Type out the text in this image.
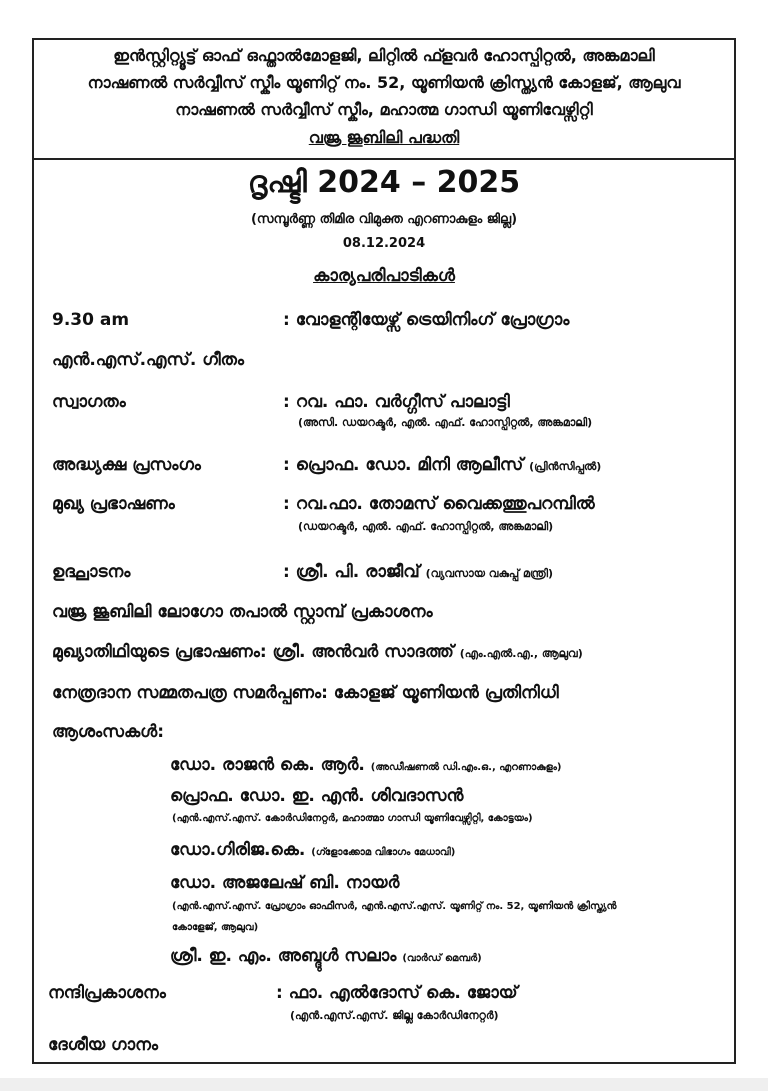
ഇൻസ്റ്റിറ്റ്യൂട്ട് ഓഫ് ഒഫ്താൽമോളജി, ലിറ്റിൽ ഫ്ളവർ ഹോസ്പിറ്റൽ, അങ്കമാലി
നാഷണൽ സർവ്വീസ് സ്കീം യൂണിറ്റ് നം. 52, യൂണിയൻ ക്രിസ്ത്യൻ കോളജ്, ആലുവ
നാഷണൽ സർവ്വീസ് സ്കീം, മഹാത്മ ഗാന്ധി യൂണിവേഴ്സിറ്റി
വജ്ര ജൂബിലി പദ്ധതി
ദൃഷ്ടി 2024 – 2025
(സമ്പൂർണ്ണ തിമിര വിമുക്ത എറണാകുളം ജില്ല)
08.12.2024
കാര്യപരിപാടികൾ
9.30 am	: വോളന്റിയേഴ്സ് ട്രെയിനിംഗ് പ്രോഗ്രാം
എൻ.എസ്.എസ്. ഗീതം
സ്വാഗതം	: റവ. ഫാ. വർഗ്ഗീസ് പാലാട്ടി
(അസി. ഡയറക്ടർ, എൽ. എഫ്. ഹോസ്പിറ്റൽ, അങ്കമാലി)
അദ്ധ്യക്ഷ പ്രസംഗം	: പ്രൊഫ. ഡോ. മിനി ആലീസ് (പ്രിൻസിപ്പൽ)
മുഖ്യ പ്രഭാഷണം	: റവ.ഫാ. തോമസ് വൈക്കത്തുപറമ്പിൽ
(ഡയറക്ടർ, എൽ. എഫ്. ഹോസ്പിറ്റൽ, അങ്കമാലി)
ഉദ്ഘാടനം	: ശ്രീ. പി. രാജീവ് (വ്യവസായ വകുപ്പ് മന്ത്രി)
വജ്ര ജൂബിലി ലോഗോ തപാൽ സ്റ്റാമ്പ് പ്രകാശനം
മുഖ്യാതിഥിയുടെ പ്രഭാഷണം: ശ്രീ. അൻവർ സാദത്ത് (എം.എൽ.എ., ആലുവ)
നേത്രദാന സമ്മതപത്ര സമർപ്പണം: കോളജ് യൂണിയൻ പ്രതിനിധി
ആശംസകൾ:
ഡോ. രാജൻ കെ. ആർ. (അഡീഷണൽ ഡി.എം.ഒ., എറണാകുളം)
പ്രൊഫ. ഡോ. ഇ. എൻ. ശിവദാസൻ
(എൻ.എസ്.എസ്. കോർഡിനേറ്റർ, മഹാത്മാ ഗാന്ധി യൂണിവേഴ്സിറ്റി, കോട്ടയം)
ഡോ.ഗിരിജ.കെ. (ഗ്ളോക്കോമ വിഭാഗം മേധാവി)
ഡോ. അജലേഷ് ബി. നായർ
(എൻ.എസ്.എസ്. പ്രോഗ്രാം ഓഫീസർ, എൻ.എസ്.എസ്. യൂണിറ്റ് നം. 52, യൂണിയൻ ക്രിസ്ത്യൻ
കോളേജ്, ആലുവ)
ശ്രീ. ഇ. എം. അബ്ദുൾ സലാം (വാർഡ് മെമ്പർ)
നന്ദിപ്രകാശനം	: ഫാ. എൽദോസ് കെ. ജോയ്
(എൻ.എസ്.എസ്. ജില്ല കോർഡിനേറ്റർ)
ദേശീയ ഗാനം
